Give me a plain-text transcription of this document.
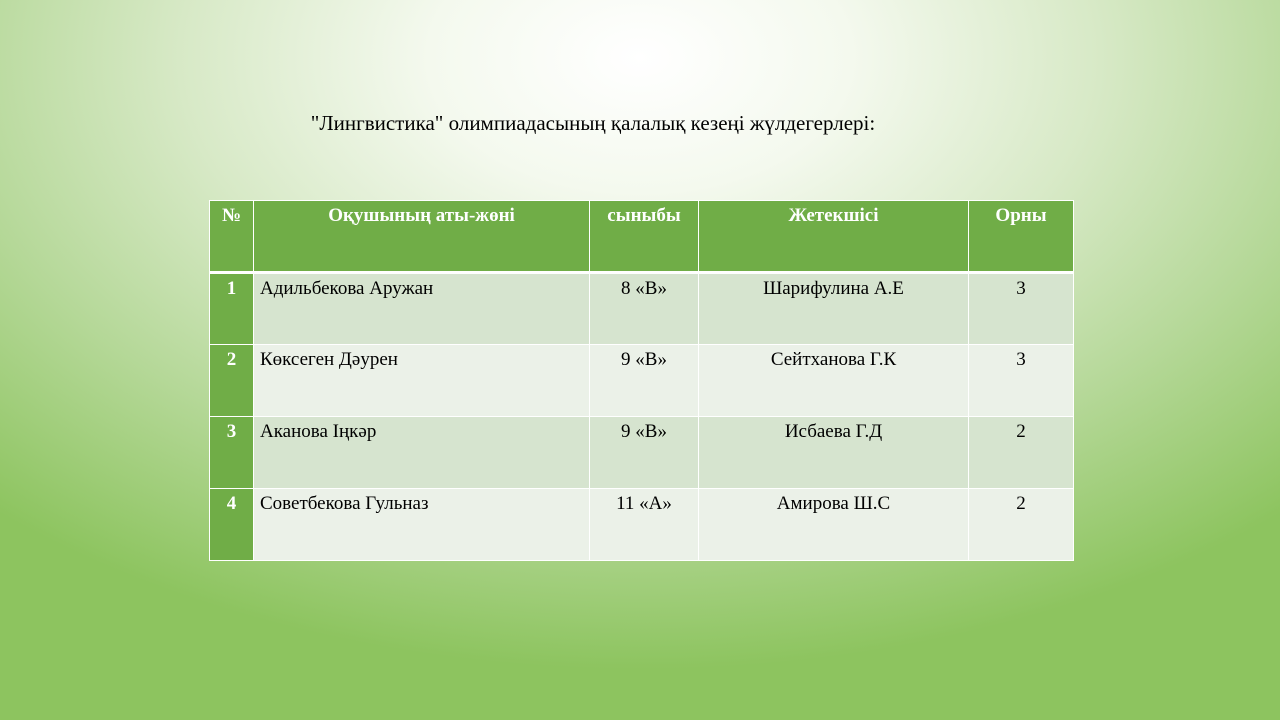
"Лингвистика" олимпиадасының қалалық кезеңі жүлдегерлері:
№	Оқушының аты-жөні	сыныбы	Жетекшісі	Орны
1	Адильбекова Аружан	8 «В»	Шарифулина А.Е	3
2	Көксеген Дәурен	9 «В»	Сейтханова Г.К	3
3	Аканова Іңкәр	9 «В»	Исбаева Г.Д	2
4	Советбекова Гульназ	11 «А»	Амирова Ш.С	2
